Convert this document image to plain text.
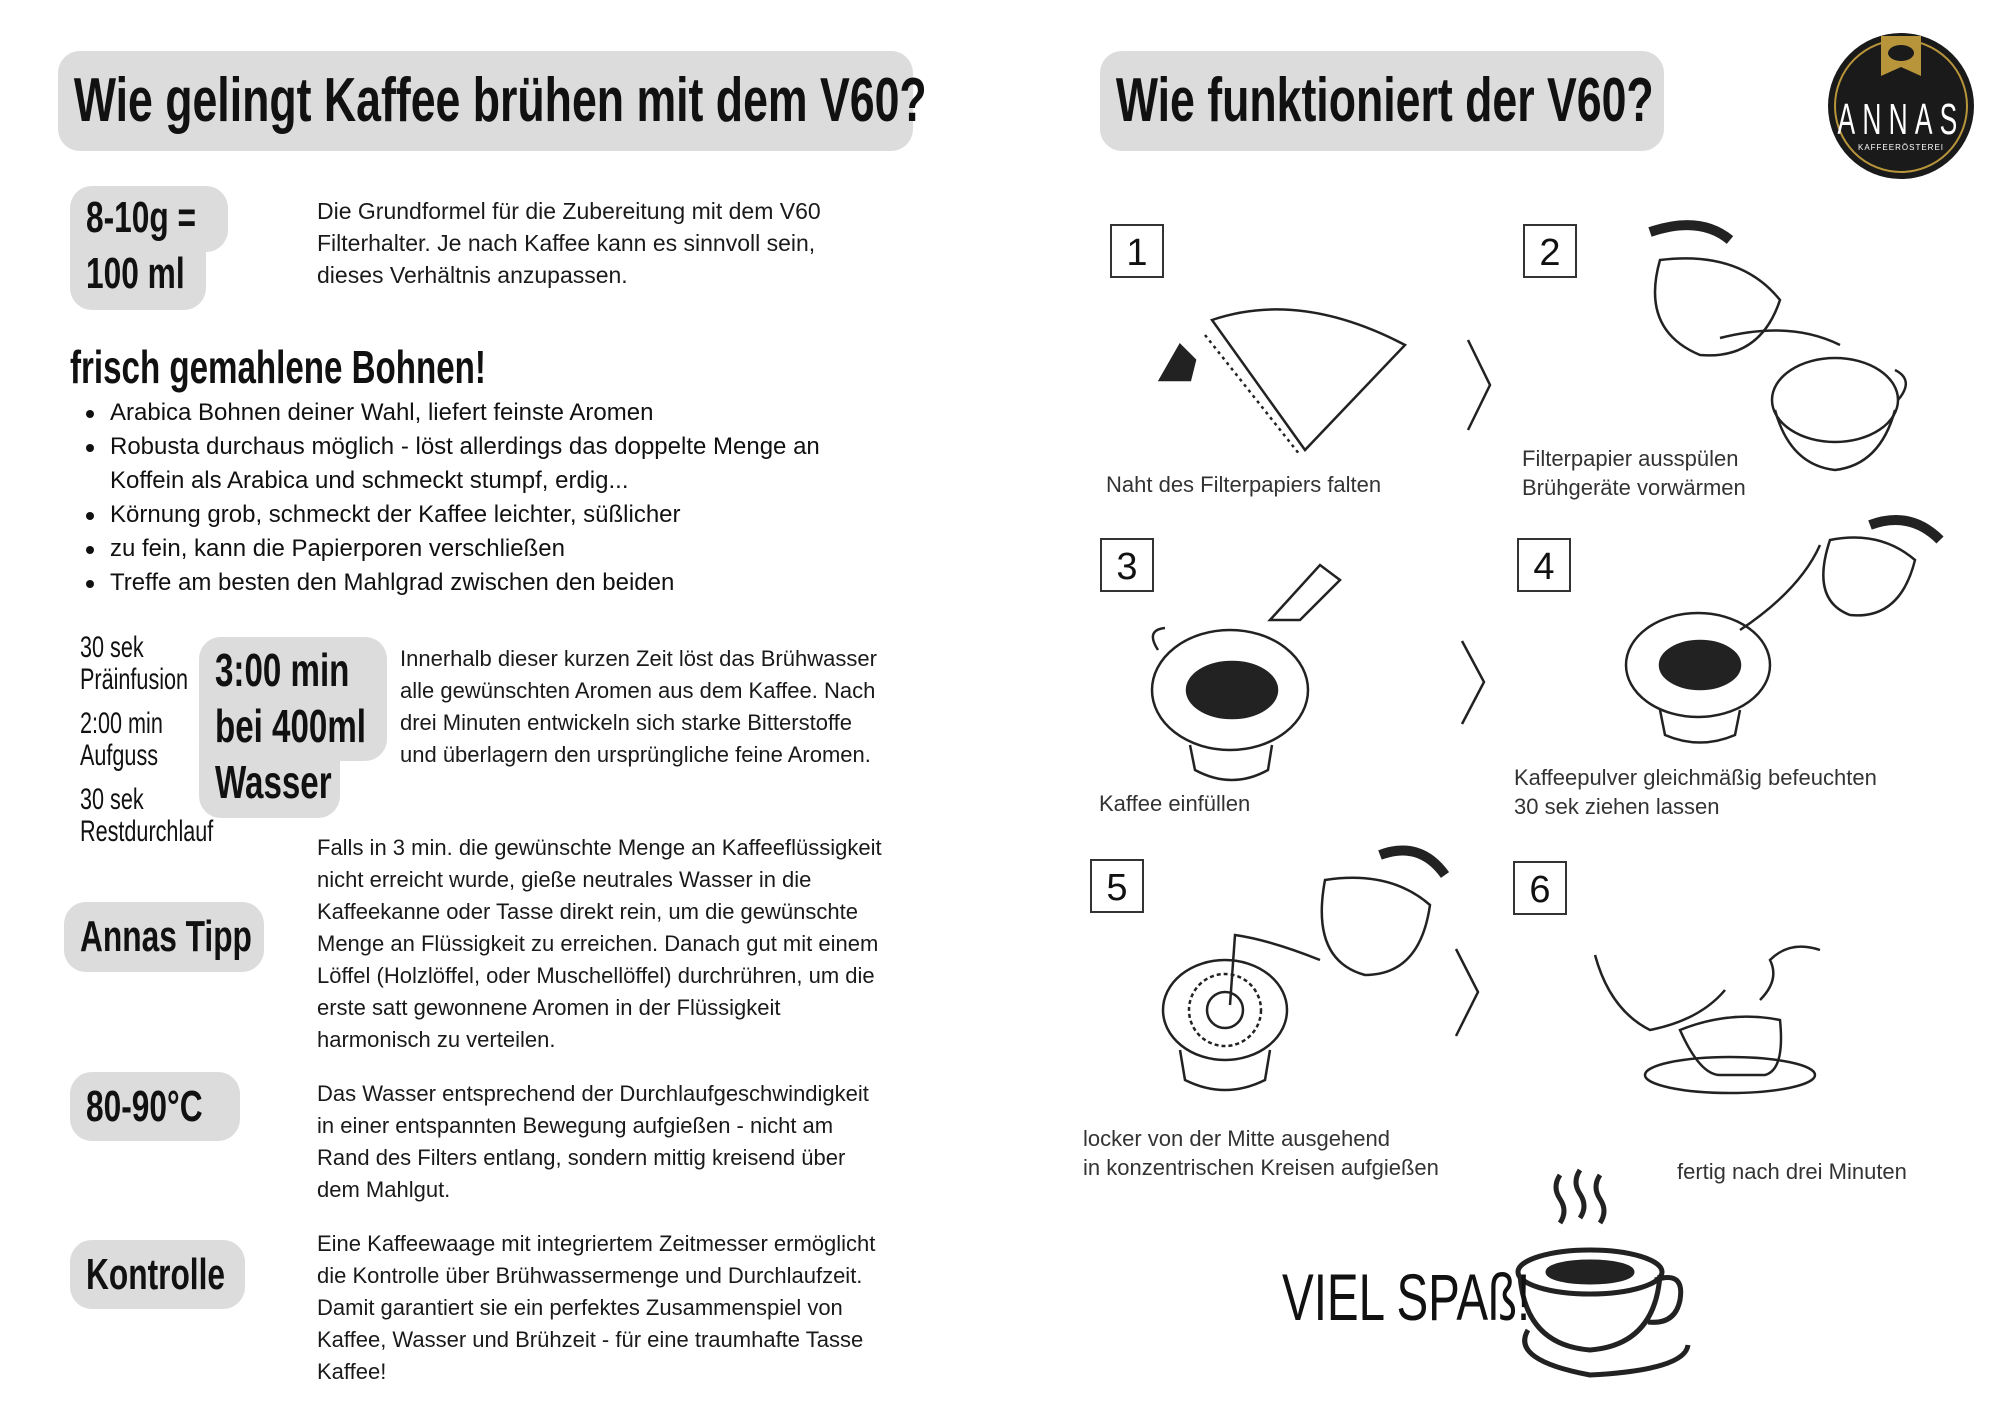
Wie gelingt Kaffee brühen mit dem V60?
8-10g =
100 ml

Die Grundformel für die Zubereitung mit dem V60

Filterhalter. Je nach Kaffee kann es sinnvoll sein,

dieses Verhältnis anzupassen.

frisch gemahlene Bohnen!
Arabica Bohnen deiner Wahl, liefert feinste Aromen
Robusta durchaus möglich - löst allerdings das doppelte Menge an
Koffein als Arabica und schmeckt stumpf, erdig...
Körnung grob, schmeckt der Kaffee leichter, süßlicher
zu fein, kann die Papierporen verschließen
Treffe am besten den Mahlgrad zwischen den beiden
30 sek
Präinfusion
2:00 min
Aufguss
30 sek
Restdurchlauf
3:00 min
bei 400ml
Wasser

Innerhalb dieser kurzen Zeit löst das Brühwasser

alle gewünschten Aromen aus dem Kaffee. Nach

drei Minuten entwickeln sich starke Bitterstoffe

und überlagern den ursprüngliche feine Aromen.

Annas Tipp

Falls in 3 min. die gewünschte Menge an Kaffeeflüssigkeit

nicht erreicht wurde, gieße neutrales Wasser in die

Kaffeekanne oder Tasse direkt rein, um die gewünschte

Menge an Flüssigkeit zu erreichen. Danach gut mit einem

Löffel (Holzlöffel, oder Muschellöffel) durchrühren, um die

erste satt gewonnene Aromen in der Flüssigkeit

harmonisch zu verteilen.

80-90°C	Das Wasser entsprechend der Durchlaufgeschwindigkeit

in einer entspannten Bewegung aufgießen - nicht am

Rand des Filters entlang, sondern mittig kreisend über

dem Mahlgut.

Kontrolle

Eine Kaffeewaage mit integriertem Zeitmesser ermöglicht

die Kontrolle über Brühwassermenge und Durchlaufzeit.

Damit garantiert sie ein perfektes Zusammenspiel von

Kaffee, Wasser und Brühzeit - für eine traumhafte Tasse

Kaffee!

Wie funktioniert der V60?	ANNAS
KAFFEERÖSTEREI
1	2
3	4
5	6
Naht des Filterpapiers falten
Filterpapier ausspülen
Brühgeräte vorwärmen
Kaffee einfüllen
Kaffeepulver gleichmäßig befeuchten
30 sek ziehen lassen
locker von der Mitte ausgehend
in konzentrischen Kreisen aufgießen	fertig nach drei Minuten
VIEL SPAß!
